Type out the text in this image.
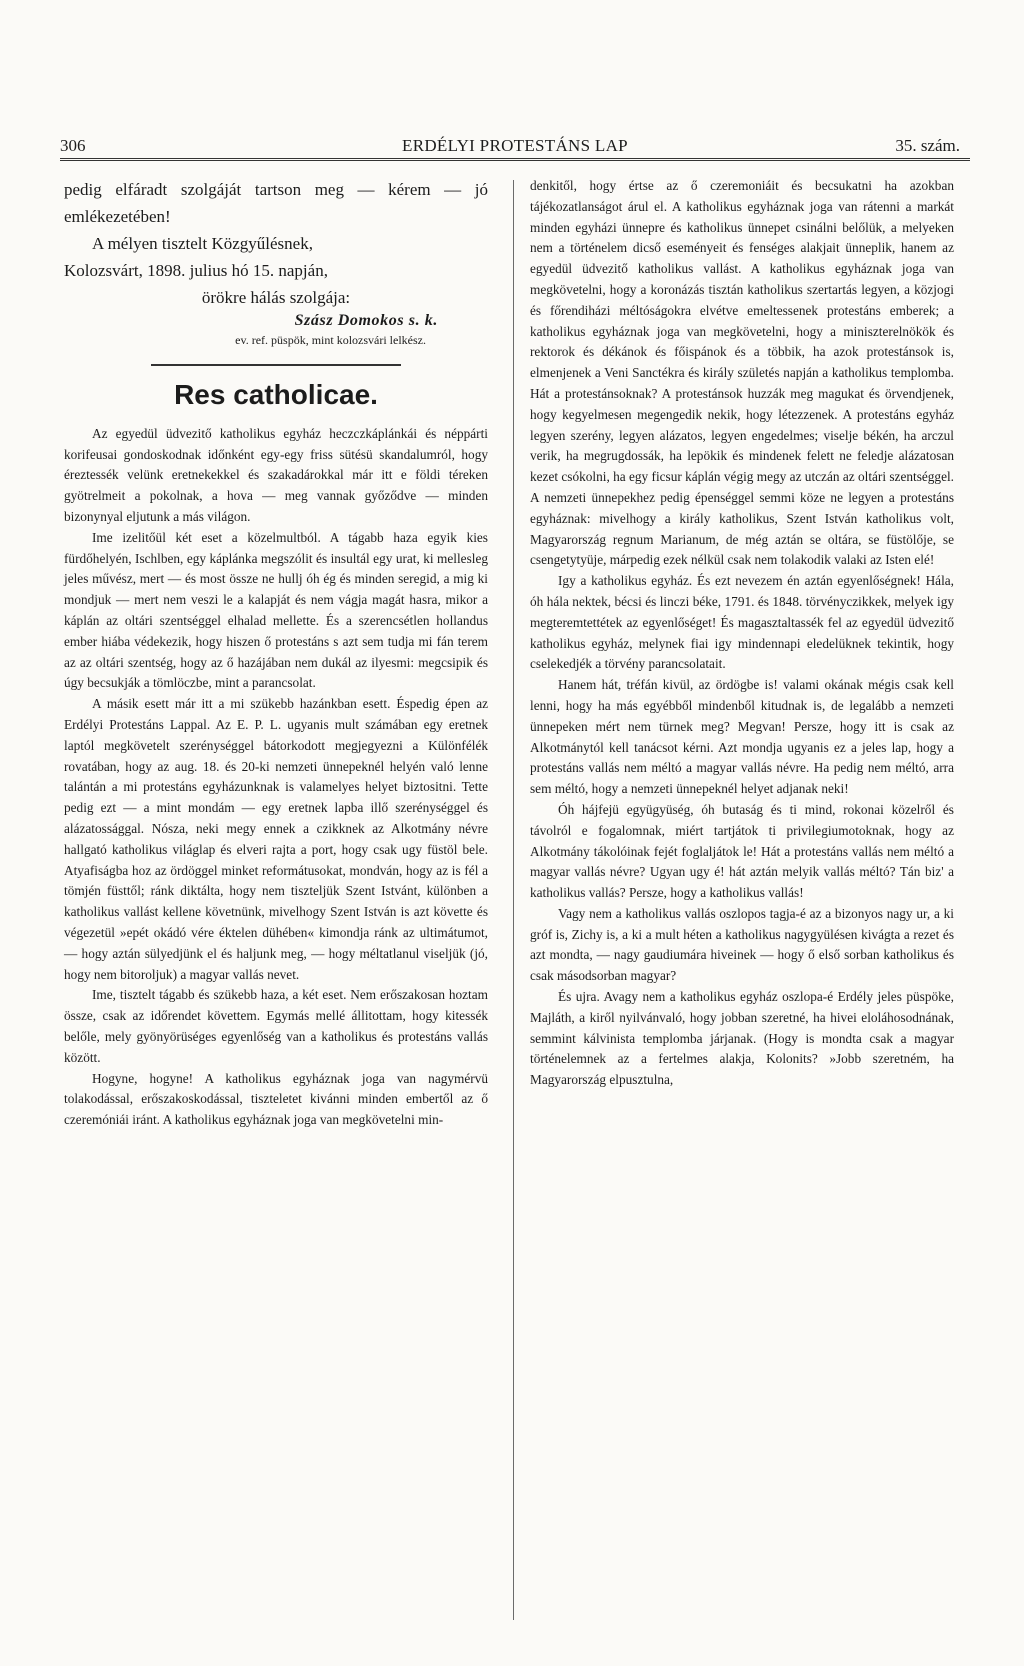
306	ERDÉLYI PROTESTÁNS LAP	35. szám.

pedig elfáradt szolgáját tartson meg — kérem — jó emlékezetében!

A mélyen tisztelt Közgyűlésnek,

Kolozsvárt, 1898. julius hó 15. napján,

örökre hálás szolgája:

Szász Domokos s. k.

ev. ref. püspök, mint kolozsvári lelkész.

Res catholicae.

Az egyedül üdvezitő katholikus egyház heczczkáplánkái és néppárti korifeusai gondoskodnak időnként egy-egy friss sütésü skandalumról, hogy éreztessék velünk eretnekekkel és szakadárokkal már itt e földi téreken gyötrelmeit a pokolnak, a hova — meg vannak győződve — minden bizonynyal eljutunk a más világon.

Ime izelitőül két eset a közelmultból. A tágabb haza egyik kies fürdőhelyén, Ischlben, egy káplánka megszólit és insultál egy urat, ki mellesleg jeles művész, mert — és most össze ne hullj óh ég és minden seregid, a mig ki mondjuk — mert nem veszi le a kalapját és nem vágja magát hasra, mikor a káplán az oltári szentséggel elhalad mellette. És a szerencsétlen hollandus ember hiába védekezik, hogy hiszen ő protestáns s azt sem tudja mi fán terem az az oltári szentség, hogy az ő hazájában nem dukál az ilyesmi: megcsipik és úgy becsukják a tömlöczbe, mint a parancsolat.

A másik esett már itt a mi szükebb hazánkban esett. Éspedig épen az Erdélyi Protestáns Lappal. Az E. P. L. ugyanis mult számában egy eretnek laptól megkövetelt szerénységgel bátorkodott megjegyezni a Különfélék rovatában, hogy az aug. 18. és 20-ki nemzeti ünnepeknél helyén való lenne talántán a mi protestáns egyházunknak is valamelyes helyet biztositni. Tette pedig ezt — a mint mondám — egy eretnek lapba illő szerénységgel és alázatossággal. Nósza, neki megy ennek a czikknek az Alkotmány névre hallgató katholikus világlap és elveri rajta a port, hogy csak ugy füstöl bele. Atyafiságba hoz az ördöggel minket reformátusokat, mondván, hogy az is fél a tömjén füsttől; ránk diktálta, hogy nem tiszteljük Szent Istvánt, különben a katholikus vallást kellene követnünk, mivelhogy Szent István is azt követte és végezetül »epét okádó vére éktelen dühében« kimondja ránk az ultimátumot, — hogy aztán sülyedjünk el és haljunk meg, — hogy méltatlanul viseljük (jó, hogy nem bitoroljuk) a magyar vallás nevet.

Ime, tisztelt tágabb és szükebb haza, a két eset. Nem erőszakosan hoztam össze, csak az időrendet követtem. Egymás mellé állitottam, hogy kitessék belőle, mely gyönyörüséges egyenlőség van a katholikus és protestáns vallás között.

Hogyne, hogyne! A katholikus egyháznak joga van nagymérvü tolakodással, erőszakoskodással, tiszteletet kivánni minden embertől az ő czeremóniái iránt. A katholikus egyháznak joga van megkövetelni min-

denkitől, hogy értse az ő czeremoniáit és becsukatni ha azokban tájékozatlanságot árul el. A katholikus egyháznak joga van rátenni a markát minden egyházi ünnepre és katholikus ünnepet csinálni belőlük, a melyeken nem a történelem dicső eseményeit és fenséges alakjait ünneplik, hanem az egyedül üdvezitő katholikus vallást. A katholikus egyháznak joga van megkövetelni, hogy a koronázás tisztán katholikus szertartás legyen, a közjogi és főrendiházi méltóságokra elvétve emeltessenek protestáns emberek; a katholikus egyháznak joga van megkövetelni, hogy a miniszterelnökök és rektorok és dékánok és főispánok és a többik, ha azok protestánsok is, elmenjenek a Veni Sanctékra és király születés napján a katholikus templomba. Hát a protestánsoknak? A protestánsok huzzák meg magukat és örvendjenek, hogy kegyelmesen megengedik nekik, hogy létezzenek. A protestáns egyház legyen szerény, legyen alázatos, legyen engedelmes; viselje békén, ha arczul verik, ha megrugdossák, ha lepökik és mindenek felett ne feledje alázatosan kezet csókolni, ha egy ficsur káplán végig megy az utczán az oltári szentséggel. A nemzeti ünnepekhez pedig épenséggel semmi köze ne legyen a protestáns egyháznak: mivelhogy a király katholikus, Szent István katholikus volt, Magyarország regnum Marianum, de még aztán se oltára, se füstölője, se csengetytyüje, márpedig ezek nélkül csak nem tolakodik valaki az Isten elé!

Igy a katholikus egyház. És ezt nevezem én aztán egyenlőségnek! Hála, óh hála nektek, bécsi és linczi béke, 1791. és 1848. törvényczikkek, melyek igy megteremtettétek az egyenlőséget! És magasztaltassék fel az egyedül üdvezitő katholikus egyház, melynek fiai igy mindennapi eledelüknek tekintik, hogy cselekedjék a törvény parancsolatait.

Hanem hát, tréfán kivül, az ördögbe is! valami okának mégis csak kell lenni, hogy ha más egyébből mindenből kitudnak is, de legalább a nemzeti ünnepeken mért nem türnek meg? Megvan! Persze, hogy itt is csak az Alkotmánytól kell tanácsot kérni. Azt mondja ugyanis ez a jeles lap, hogy a protestáns vallás nem méltó a magyar vallás névre. Ha pedig nem méltó, arra sem méltó, hogy a nemzeti ünnepeknél helyet adjanak neki!

Óh hájfejü együgyüség, óh butaság és ti mind, rokonai közelről és távolról e fogalomnak, miért tartjátok ti privilegiumotoknak, hogy az Alkotmány tákolóinak fejét foglaljátok le! Hát a protestáns vallás nem méltó a magyar vallás névre? Ugyan ugy é! hát aztán melyik vallás méltó? Tán biz' a katholikus vallás? Persze, hogy a katholikus vallás!

Vagy nem a katholikus vallás oszlopos tagja-é az a bizonyos nagy ur, a ki gróf is, Zichy is, a ki a mult héten a katholikus nagygyülésen kivágta a rezet és azt mondta, — nagy gaudiumára hiveinek — hogy ő első sorban katholikus és csak másodsorban magyar?

És ujra. Avagy nem a katholikus egyház oszlopa-é Erdély jeles püspöke, Majláth, a kiről nyilvánvaló, hogy jobban szeretné, ha hivei eloláhosodnának, semmint kálvinista templomba járjanak. (Hogy is mondta csak a magyar történelemnek az a fertelmes alakja, Kolonits? »Jobb szeretném, ha Magyarország elpusztulna,
